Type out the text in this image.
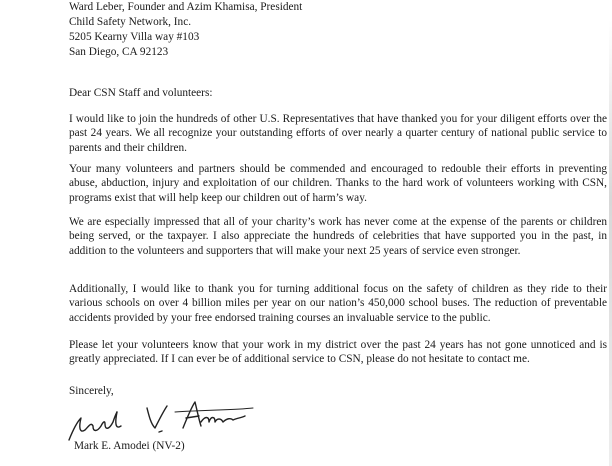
Ward Leber, Founder and Azim Khamisa, President
Child Safety Network, Inc.
5205 Kearny Villa way #103
San Diego, CA 92123
Dear CSN Staff and volunteers:

I would like to join the hundreds of other U.S. Representatives that have thanked you for your diligent efforts over the past 24 years. We all recognize your outstanding efforts of over nearly a quarter century of national public service to parents and their children.

Your many volunteers and partners should be commended and encouraged to redouble their efforts in preventing abuse, abduction, injury and exploitation of our children. Thanks to the hard work of volunteers working with CSN, programs exist that will help keep our children out of harm’s way.

We are especially impressed that all of your charity’s work has never come at the expense of the parents or children being served, or the taxpayer. I also appreciate the hundreds of celebrities that have supported you in the past, in addition to the volunteers and supporters that will make your next 25 years of service even stronger.

Additionally, I would like to thank you for turning additional focus on the safety of children as they ride to their various schools on over 4 billion miles per year on our nation’s 450,000 school buses. The reduction of preventable accidents provided by your free endorsed training courses an invaluable service to the public.

Please let your volunteers know that your work in my district over the past 24 years has not gone unnoticed and is greatly appreciated. If I can ever be of additional service to CSN, please do not hesitate to contact me.

Sincerely,
Mark E. Amodei (NV-2)
